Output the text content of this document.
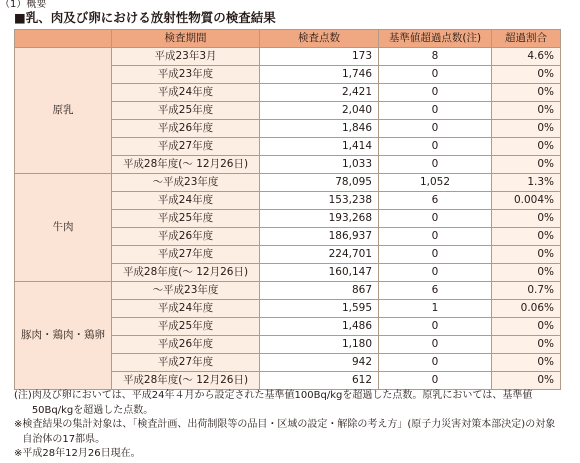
（1）概要
■乳、肉及び卵における放射性物質の検査結果
	検査期間	検査点数	基準値超過点数(注)	超過割合
原乳	平成23年3月	173	8	4.6%
	平成23年度	1,746	0	0%
	平成24年度	2,421	0	0%
	平成25年度	2,040	0	0%
	平成26年度	1,846	0	0%
	平成27年度	1,414	0	0%
	平成28年度(～ 12月26日)	1,033	0	0%
牛肉	～平成23年度	78,095	1,052	1.3%
	平成24年度	153,238	6	0.004%
	平成25年度	193,268	0	0%
	平成26年度	186,937	0	0%
	平成27年度	224,701	0	0%
	平成28年度(～ 12月26日)	160,147	0	0%
豚肉・鶏肉・鶏卵	～平成23年度	867	6	0.7%
	平成24年度	1,595	1	0.06%
	平成25年度	1,486	0	0%
	平成26年度	1,180	0	0%
	平成27年度	942	0	0%
	平成28年度(～ 12月26日)	612	0	0%
(注) 肉及び卵においては、平成24年４月から設定された基準値100Bq/kgを超過した点数。原乳においては、基準値50Bq/kgを超過した点数。
※ 検査結果の集計対象は、「検査計画、出荷制限等の品目・区域の設定・解除の考え方」(原子力災害対策本部決定)の対象自治体の17都県。
※ 平成28年12月26日現在。
